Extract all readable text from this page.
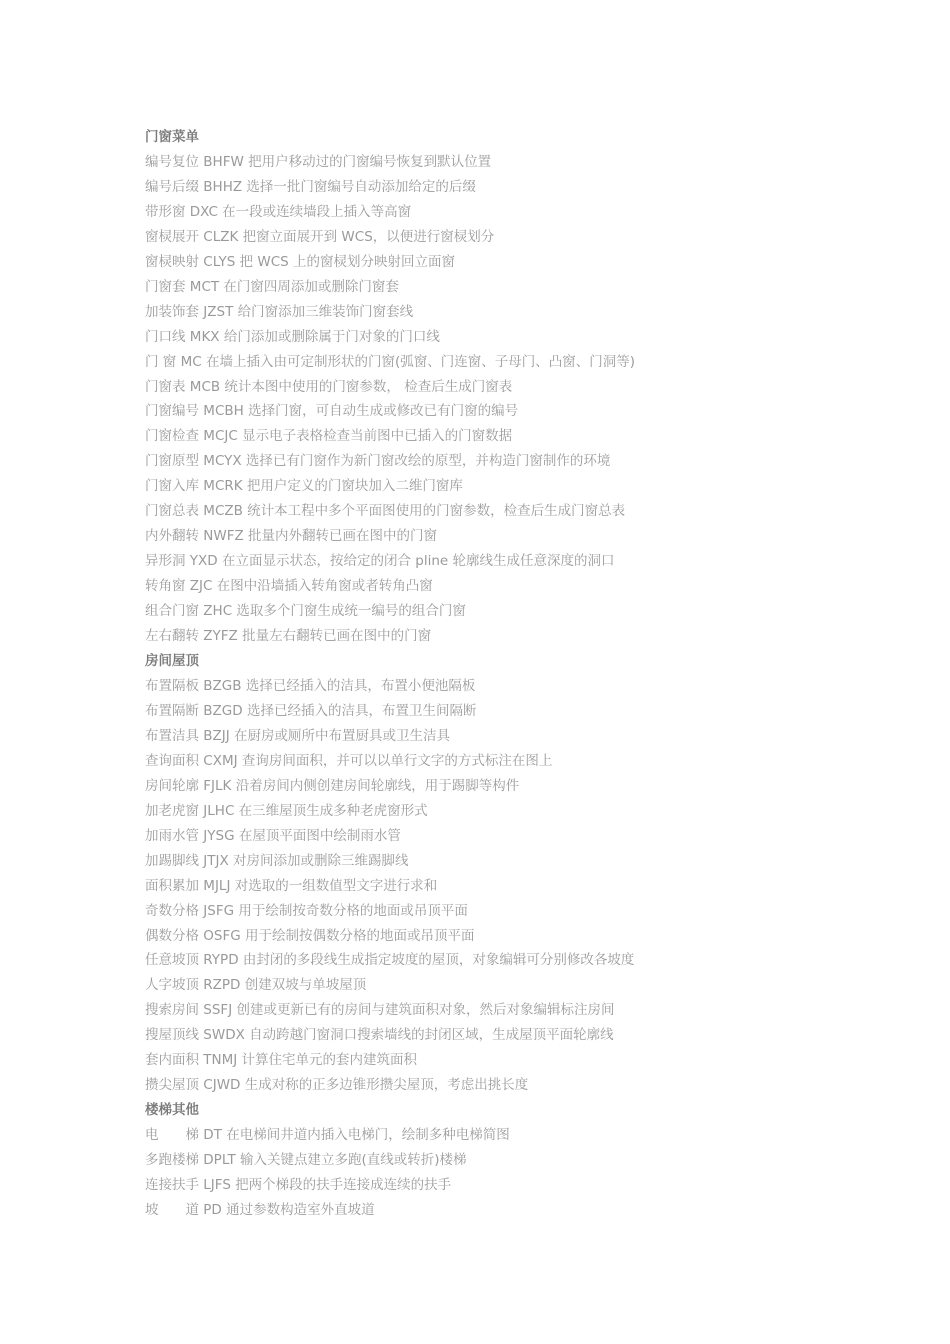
门窗菜单
编号复位 BHFW 把用户移动过的门窗编号恢复到默认位置
编号后缀 BHHZ 选择一批门窗编号自动添加给定的后缀
带形窗 DXC 在一段或连续墙段上插入等高窗
窗棂展开 CLZK 把窗立面展开到 WCS，以便进行窗棂划分
窗棂映射 CLYS 把 WCS 上的窗棂划分映射回立面窗
门窗套 MCT 在门窗四周添加或删除门窗套
加装饰套 JZST 给门窗添加三维装饰门窗套线
门口线 MKX 给门添加或删除属于门对象的门口线
门 窗 MC 在墙上插入由可定制形状的门窗(弧窗、门连窗、子母门、凸窗、门洞等)
门窗表 MCB 统计本图中使用的门窗参数， 检查后生成门窗表
门窗编号 MCBH 选择门窗，可自动生成或修改已有门窗的编号
门窗检查 MCJC 显示电子表格检查当前图中已插入的门窗数据
门窗原型 MCYX 选择已有门窗作为新门窗改绘的原型，并构造门窗制作的环境
门窗入库 MCRK 把用户定义的门窗块加入二维门窗库
门窗总表 MCZB 统计本工程中多个平面图使用的门窗参数，检查后生成门窗总表
内外翻转 NWFZ 批量内外翻转已画在图中的门窗
异形洞 YXD 在立面显示状态，按给定的闭合 pline 轮廓线生成任意深度的洞口
转角窗 ZJC 在图中沿墙插入转角窗或者转角凸窗
组合门窗 ZHC 选取多个门窗生成统一编号的组合门窗
左右翻转 ZYFZ 批量左右翻转已画在图中的门窗
房间屋顶
布置隔板 BZGB 选择已经插入的洁具，布置小便池隔板
布置隔断 BZGD 选择已经插入的洁具，布置卫生间隔断
布置洁具 BZJJ 在厨房或厕所中布置厨具或卫生洁具
查询面积 CXMJ 查询房间面积，并可以以单行文字的方式标注在图上
房间轮廓 FJLK 沿着房间内侧创建房间轮廓线，用于踢脚等构件
加老虎窗 JLHC 在三维屋顶生成多种老虎窗形式
加雨水管 JYSG 在屋顶平面图中绘制雨水管
加踢脚线 JTJX 对房间添加或删除三维踢脚线
面积累加 MJLJ 对选取的一组数值型文字进行求和
奇数分格 JSFG 用于绘制按奇数分格的地面或吊顶平面
偶数分格 OSFG 用于绘制按偶数分格的地面或吊顶平面
任意坡顶 RYPD 由封闭的多段线生成指定坡度的屋顶，对象编辑可分别修改各坡度
人字坡顶 RZPD 创建双坡与单坡屋顶
搜索房间 SSFJ 创建或更新已有的房间与建筑面积对象，然后对象编辑标注房间
搜屋顶线 SWDX 自动跨越门窗洞口搜索墙线的封闭区域，生成屋顶平面轮廓线
套内面积 TNMJ 计算住宅单元的套内建筑面积
攒尖屋顶 CJWD 生成对称的正多边锥形攒尖屋顶，考虑出挑长度
楼梯其他
电　　梯 DT 在电梯间井道内插入电梯门，绘制多种电梯简图
多跑楼梯 DPLT 输入关键点建立多跑(直线或转折)楼梯
连接扶手 LJFS 把两个梯段的扶手连接成连续的扶手
坡　　道 PD 通过参数构造室外直坡道
